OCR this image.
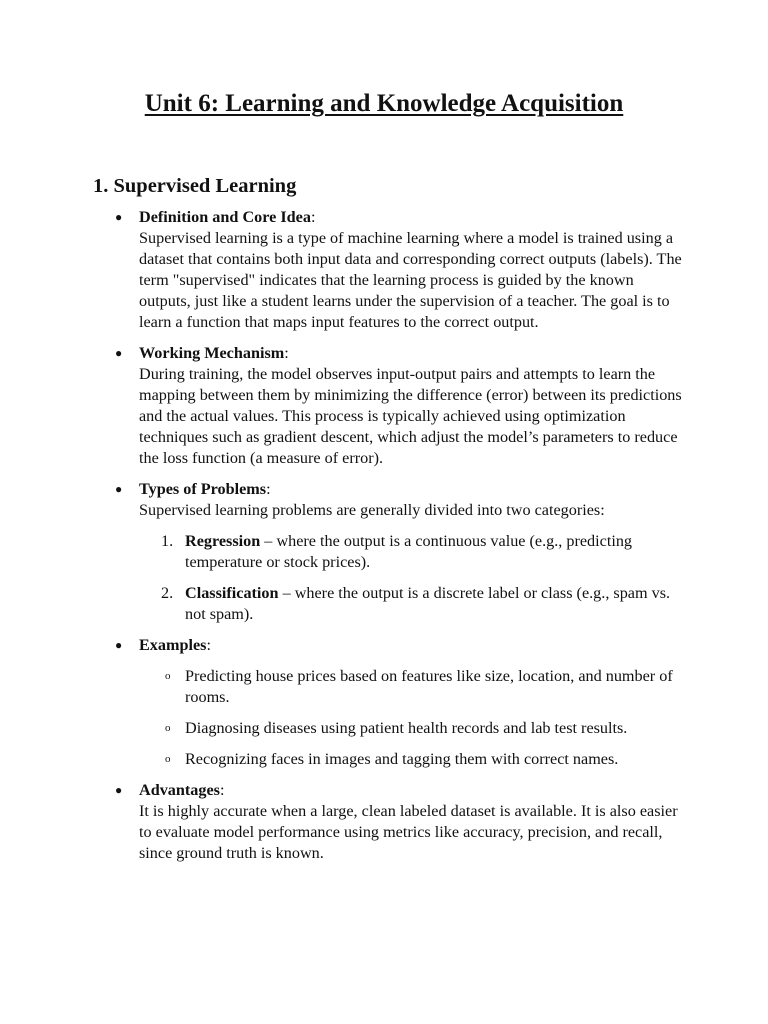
Unit 6: Learning and Knowledge Acquisition
1. Supervised Learning
● Definition and Core Idea:
Supervised learning is a type of machine learning where a model is trained using a dataset that contains both input data and corresponding correct outputs (labels). The term "supervised" indicates that the learning process is guided by the known outputs, just like a student learns under the supervision of a teacher. The goal is to learn a function that maps input features to the correct output.
● Working Mechanism:
During training, the model observes input-output pairs and attempts to learn the mapping between them by minimizing the difference (error) between its predictions and the actual values. This process is typically achieved using optimization techniques such as gradient descent, which adjust the model’s parameters to reduce the loss function (a measure of error).
● Types of Problems:
Supervised learning problems are generally divided into two categories:
1. Regression – where the output is a continuous value (e.g., predicting temperature or stock prices).
2. Classification – where the output is a discrete label or class (e.g., spam vs. not spam).
● Examples:
o Predicting house prices based on features like size, location, and number of rooms.
o Diagnosing diseases using patient health records and lab test results.
o Recognizing faces in images and tagging them with correct names.
● Advantages:
It is highly accurate when a large, clean labeled dataset is available. It is also easier to evaluate model performance using metrics like accuracy, precision, and recall, since ground truth is known.
